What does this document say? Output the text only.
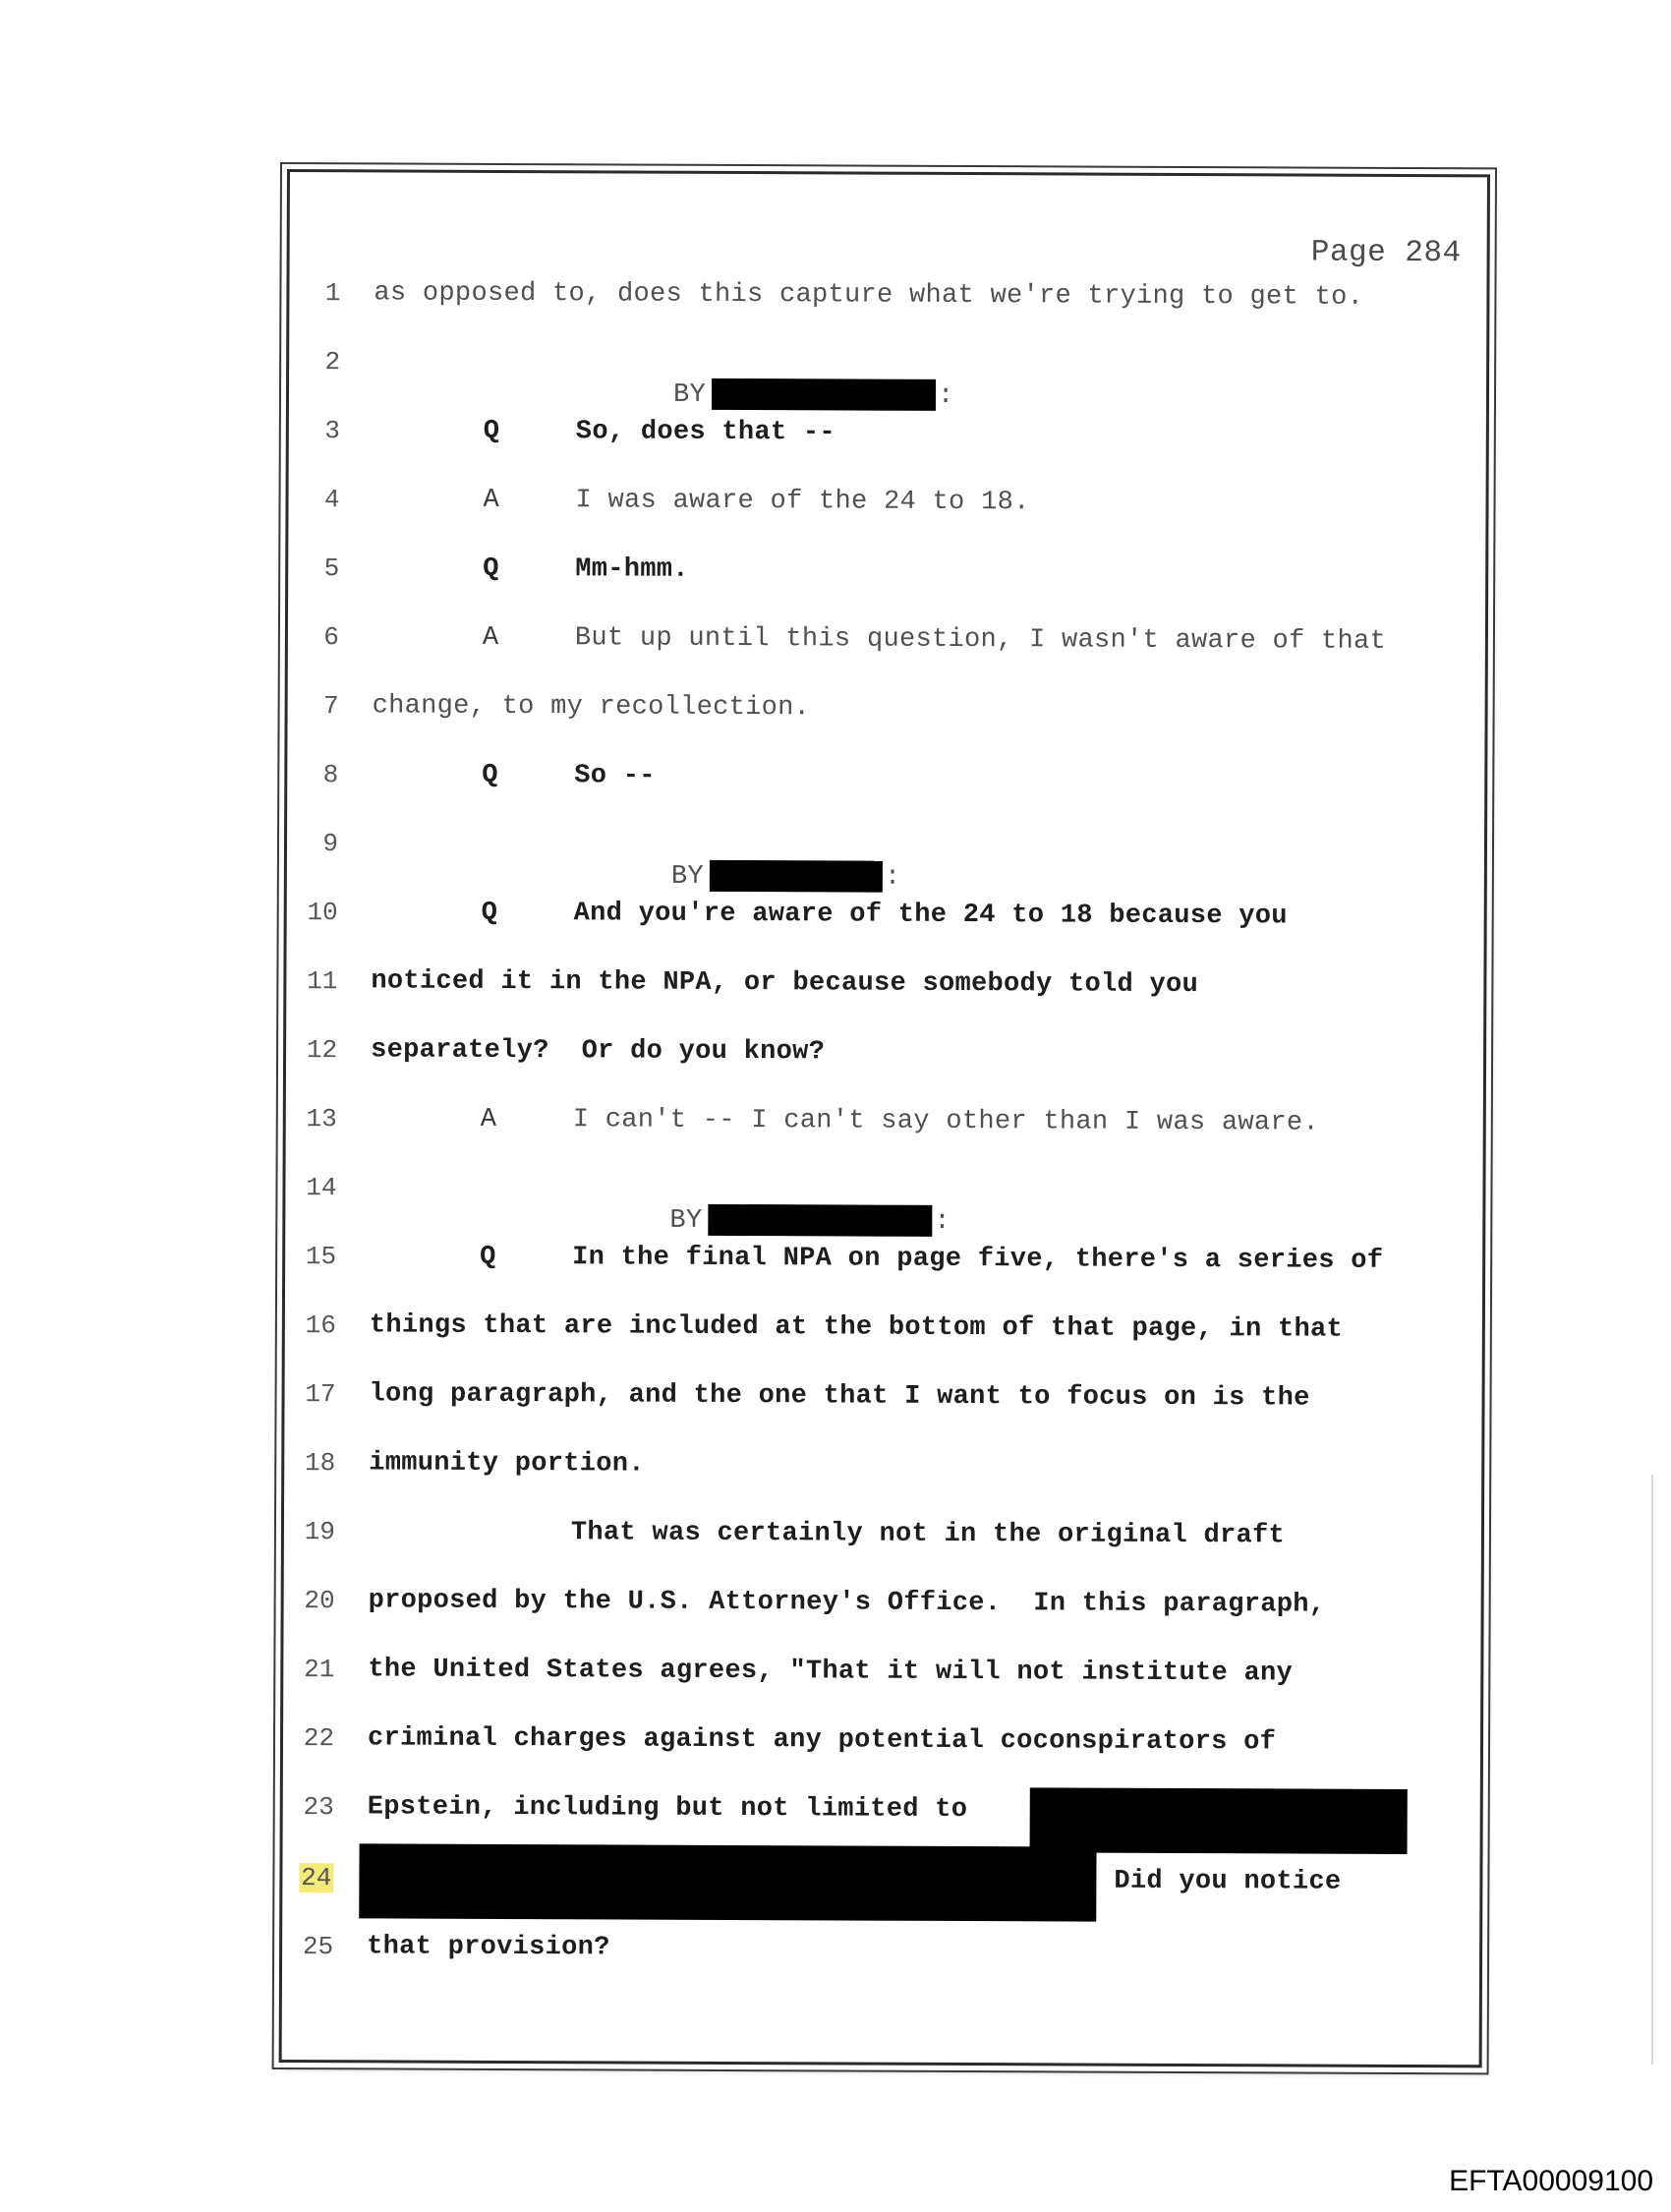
Page 284
1 as opposed to, does this capture what we're trying to get to.
2

BY	:

3	Q	So, does that --
4	A	I was aware of the 24 to 18.
5	Q	Mm-hmm.
6	A	But up until this question, I wasn't aware of that
7 change, to my recollection.
8	Q	So --
9

BY	:

10	Q	And you're aware of the 24 to 18 because you
11 noticed it in the NPA, or because somebody told you
12 separately?  Or do you know?
13	A	I can't -- I can't say other than I was aware.
14

BY	:

15	Q	In the final NPA on page five, there's a series of
16 things that are included at the bottom of that page, in that
17 long paragraph, and the one that I want to focus on is the
18 immunity portion.
19	That was certainly not in the original draft
20 proposed by the U.S. Attorney's Office.  In this paragraph,
21 the United States agrees, "That it will not institute any
22 criminal charges against any potential coconspirators of
23 Epstein, including but not limited to
24	Did you notice
25 that provision?
EFTA00009100
